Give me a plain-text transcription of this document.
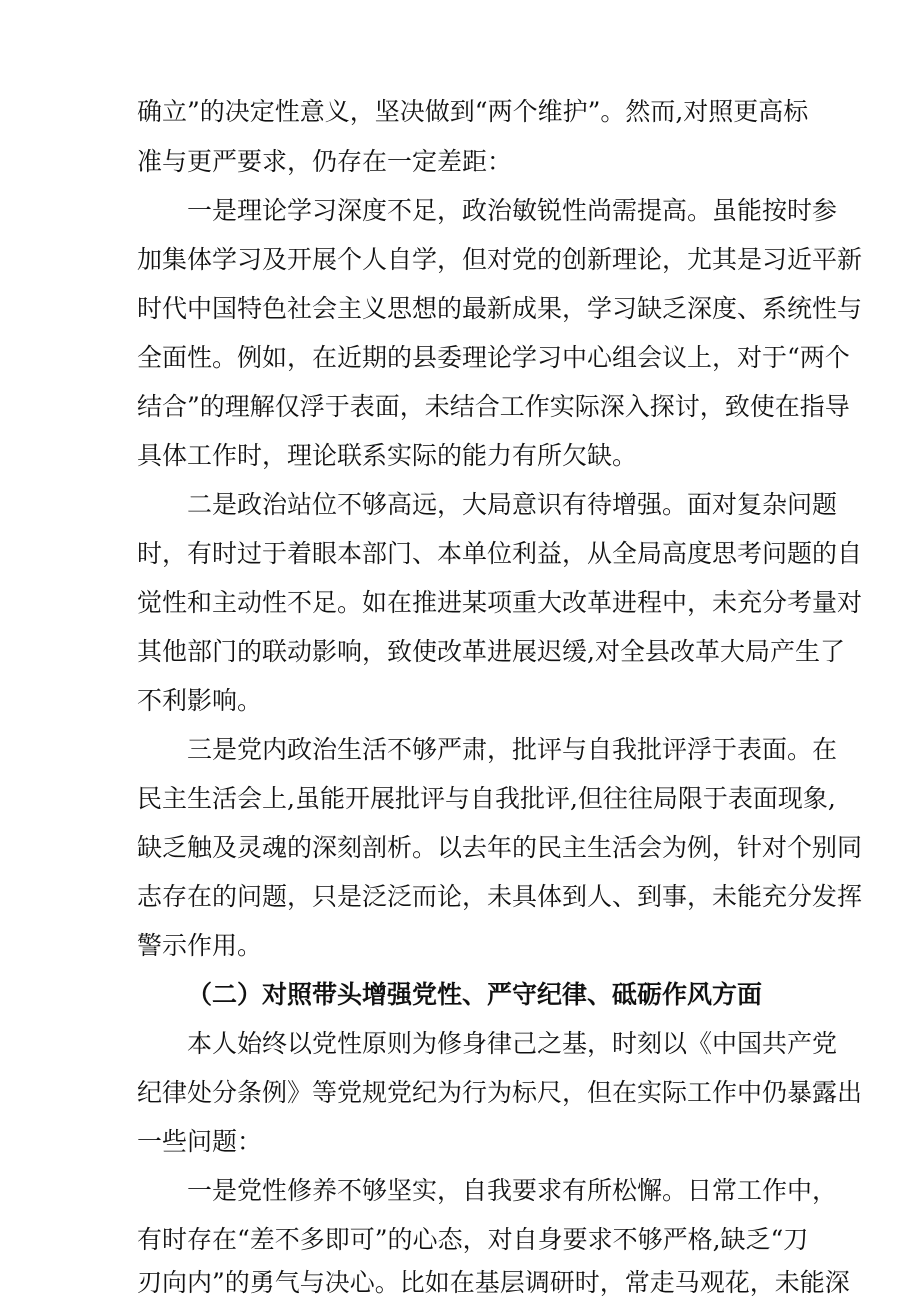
确立”的决定性意义，坚决做到“两个维护”。然而,对照更高标
准与更严要求，仍存在一定差距：
一是理论学习深度不足，政治敏锐性尚需提高。虽能按时参
加集体学习及开展个人自学，但对党的创新理论，尤其是习近平新
时代中国特色社会主义思想的最新成果，学习缺乏深度、系统性与
全面性。例如，在近期的县委理论学习中心组会议上，对于“两个
结合”的理解仅浮于表面，未结合工作实际深入探讨，致使在指导
具体工作时，理论联系实际的能力有所欠缺。
二是政治站位不够高远，大局意识有待增强。面对复杂问题
时，有时过于着眼本部门、本单位利益，从全局高度思考问题的自
觉性和主动性不足。如在推进某项重大改革进程中，未充分考量对
其他部门的联动影响，致使改革进展迟缓,对全县改革大局产生了
不利影响。
三是党内政治生活不够严肃，批评与自我批评浮于表面。在
民主生活会上,虽能开展批评与自我批评,但往往局限于表面现象,
缺乏触及灵魂的深刻剖析。以去年的民主生活会为例，针对个别同
志存在的问题，只是泛泛而论，未具体到人、到事，未能充分发挥
警示作用。
（二）对照带头增强党性、严守纪律、砥砺作风方面
本人始终以党性原则为修身律己之基，时刻以《中国共产党
纪律处分条例》等党规党纪为行为标尺，但在实际工作中仍暴露出
一些问题：
一是党性修养不够坚实，自我要求有所松懈。日常工作中，
有时存在“差不多即可”的心态，对自身要求不够严格,缺乏“刀
刃向内”的勇气与决心。比如在基层调研时，常走马观花，未能深
